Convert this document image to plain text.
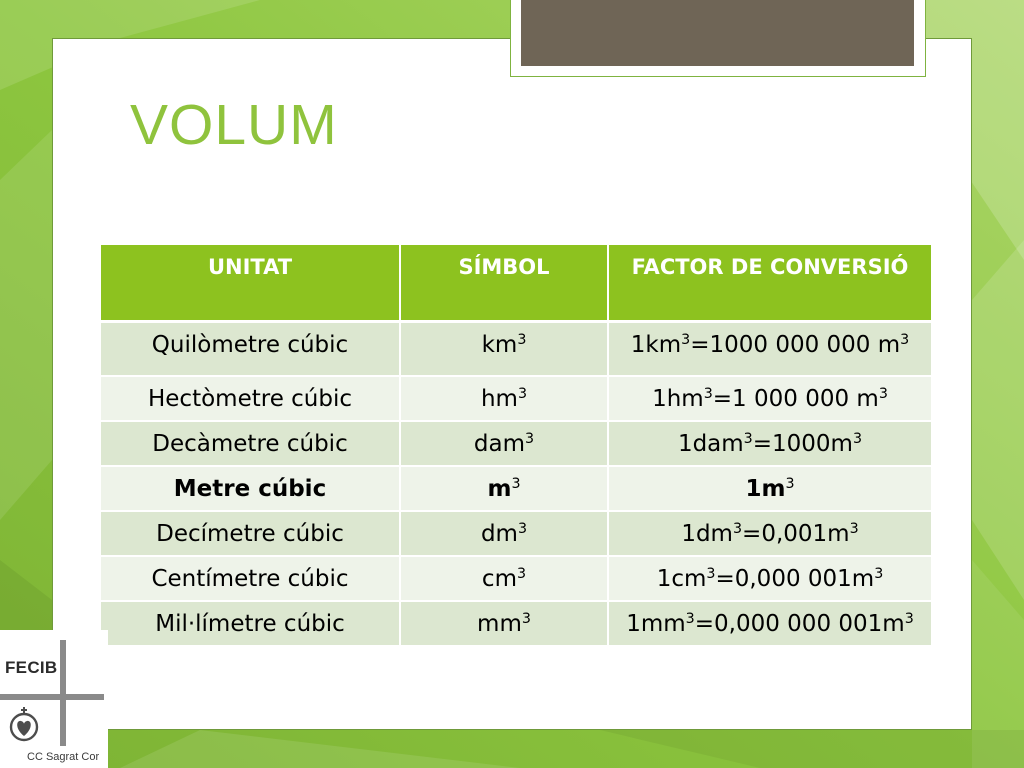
VOLUM
UNITAT	SÍMBOL	FACTOR DE CONVERSIÓ
Quilòmetre cúbic	$km^3$	$1km^3=1000$ 000 000 $m^3$
Hectòmetre cúbic	$hm^3$	$1hm^3=1$ 000 000 $m^3$
Decàmetre cúbic	dam$^3$	$1dam^3=1000m^3$
Metre cúbic	$m^3$	$1m^3$
Decímetre cúbic	$dm^3$	$1dm^3=0,001m^3$
Centímetre cúbic	$cm^3$	$1cm^3=0,000$ $001m^3$
Mil·límetre cúbic	$mm^3$	$1mm^3=0,000$ 000 $001m^3$
FECIB
CC Sagrat Cor
